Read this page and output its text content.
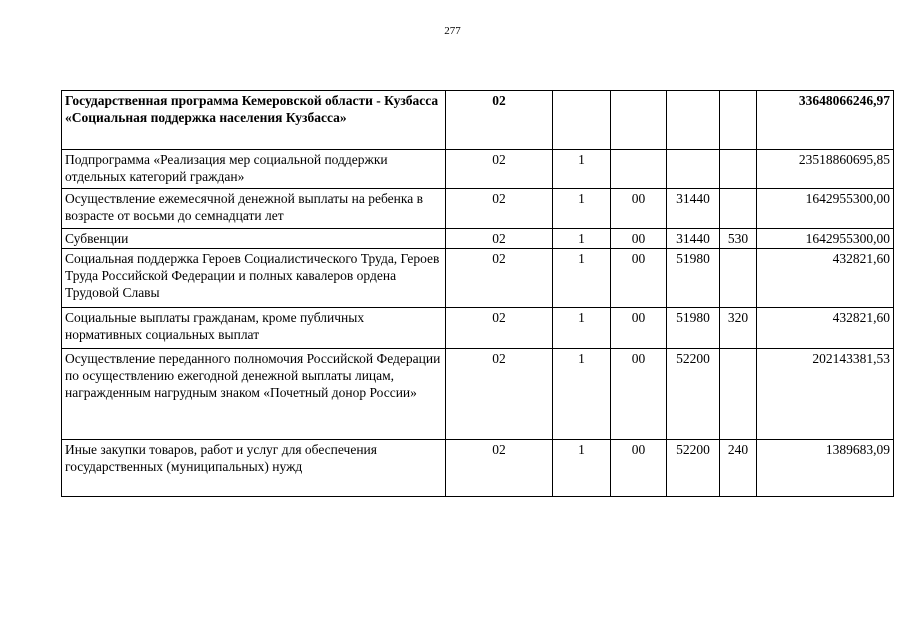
277
Государственная программа Кемеровской области - Кузбасса «Социальная поддержка населения Кузбасса»	02					33648066246,97
Подпрограмма «Реализация мер социальной поддержки отдельных категорий граждан»	02	1				23518860695,85
Осуществление ежемесячной денежной выплаты на ребенка в возрасте от восьми до семнадцати лет	02	1	00	31440		1642955300,00
Субвенции	02	1	00	31440	530	1642955300,00
Социальная поддержка Героев Социалистического Труда, Героев Труда Российской Федерации и полных кавалеров ордена Трудовой Славы	02	1	00	51980		432821,60
Социальные выплаты гражданам, кроме публичных нормативных социальных выплат	02	1	00	51980	320	432821,60
Осуществление переданного полномочия Российской Федерации по осуществлению ежегодной денежной выплаты лицам, награжденным нагрудным знаком «Почетный донор России»	02	1	00	52200		202143381,53
Иные закупки товаров, работ и услуг для обеспечения государственных (муниципальных) нужд	02	1	00	52200	240	1389683,09
